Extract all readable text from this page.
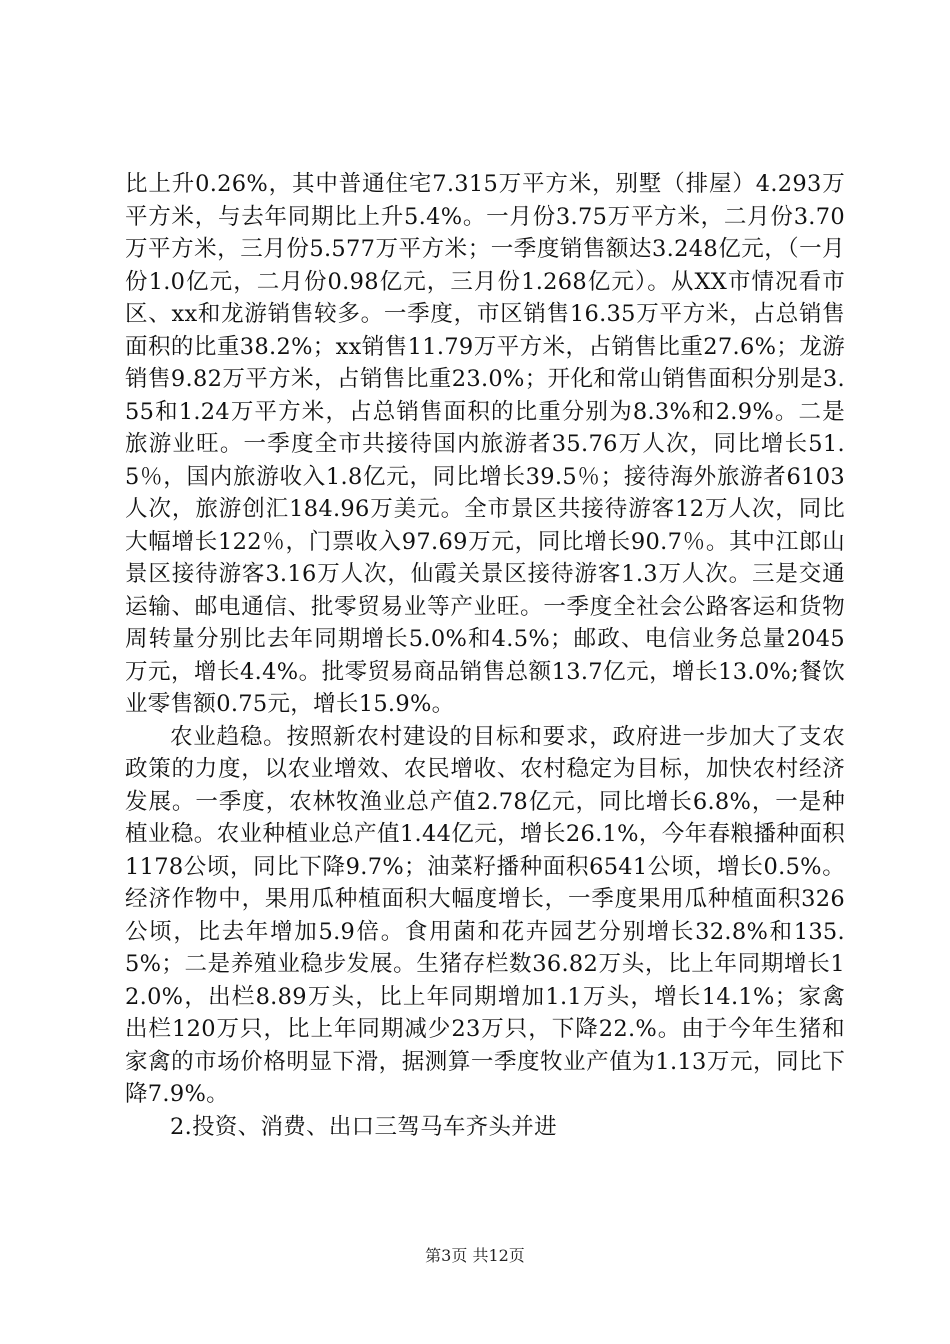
比上升0.26%，其中普通住宅7.315万平方米，别墅（排屋）4.293万平方米，与去年同期比上升5.4%。一月份3.75万平方米，二月份3.70万平方米，三月份5.577万平方米；一季度销售额达3.248亿元，（一月份1.0亿元，二月份0.98亿元，三月份1.268亿元）。从XX市情况看市区、xx和龙游销售较多。一季度，市区销售16.35万平方米，占总销售面积的比重38.2%；xx销售11.79万平方米，占销售比重27.6%；龙游销售9.82万平方米，占销售比重23.0%；开化和常山销售面积分别是3.55和1.24万平方米，占总销售面积的比重分别为8.3%和2.9%。二是旅游业旺。一季度全市共接待国内旅游者35.76万人次，同比增长51.5％，国内旅游收入1.8亿元，同比增长39.5％；接待海外旅游者6103人次，旅游创汇184.96万美元。全市景区共接待游客12万人次，同比大幅增长122％，门票收入97.69万元，同比增长90.7％。其中江郎山景区接待游客3.16万人次，仙霞关景区接待游客1.3万人次。三是交通运输、邮电通信、批零贸易业等产业旺。一季度全社会公路客运和货物周转量分别比去年同期增长5.0%和4.5%；邮政、电信业务总量2045万元，增长4.4%。批零贸易商品销售总额13.7亿元，增长13.0%;餐饮业零售额0.75元，增长15.9%。

农业趋稳。按照新农村建设的目标和要求，政府进一步加大了支农政策的力度，以农业增效、农民增收、农村稳定为目标，加快农村经济发展。一季度，农林牧渔业总产值2.78亿元，同比增长6.8%，一是种植业稳。农业种植业总产值1.44亿元，增长26.1%，今年春粮播种面积1178公顷，同比下降9.7%；油菜籽播种面积6541公顷，增长0.5%。经济作物中，果用瓜种植面积大幅度增长，一季度果用瓜种植面积326公顷，比去年增加5.9倍。食用菌和花卉园艺分别增长32.8%和135.5%；二是养殖业稳步发展。生猪存栏数36.82万头，比上年同期增长12.0%，出栏8.89万头，比上年同期增加1.1万头，增长14.1%；家禽出栏120万只，比上年同期减少23万只，下降22.%。由于今年生猪和家禽的市场价格明显下滑，据测算一季度牧业产值为1.13万元，同比下降7.9%。

2.投资、消费、出口三驾马车齐头并进

第3页 共12页
